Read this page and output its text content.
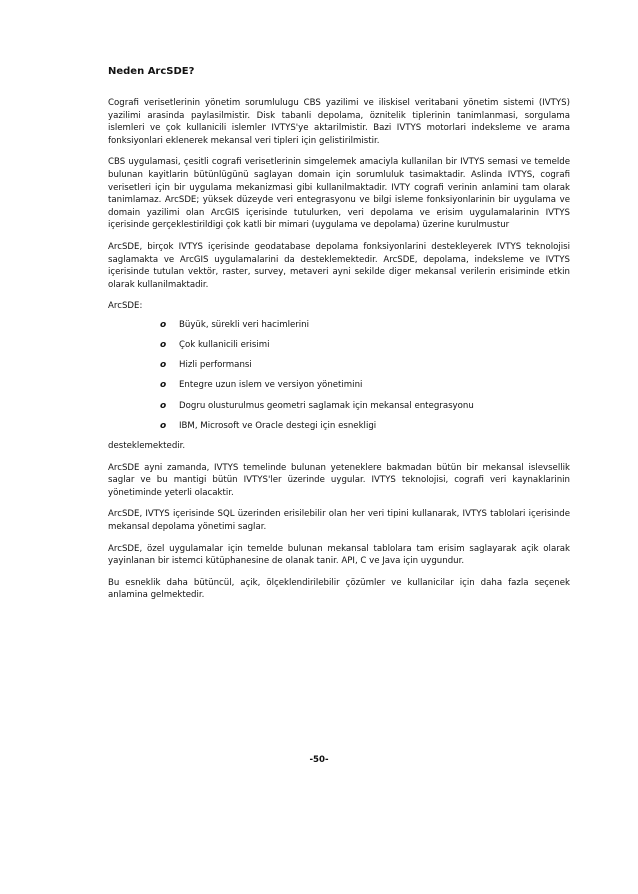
Neden ArcSDE?

Cografi verisetlerinin yönetim sorumlulugu CBS yazilimi ve iliskisel veritabani yönetim sistemi (IVTYS) yazilimi arasinda paylasilmistir. Disk tabanli depolama, öznitelik tiplerinin tanimlanmasi, sorgulama islemleri ve çok kullanicili islemler IVTYS'ye aktarilmistir. Bazi IVTYS motorlari indeksleme ve arama fonksiyonlari eklenerek mekansal veri tipleri için gelistirilmistir.

CBS uygulamasi, çesitli cografi verisetlerinin simgelemek amaciyla kullanilan bir IVTYS semasi ve temelde bulunan kayitlarin bütünlügünü saglayan domain için sorumluluk tasimaktadir. Aslinda IVTYS, cografi verisetleri için bir uygulama mekanizmasi gibi kullanilmaktadir. IVTY cografi verinin anlamini tam olarak tanimlamaz. ArcSDE; yüksek düzeyde veri entegrasyonu ve bilgi isleme fonksiyonlarinin bir uygulama ve domain yazilimi olan ArcGIS içerisinde tutulurken, veri depolama ve erisim uygulamalarinin IVTYS içerisinde gerçeklestirildigi çok katli bir mimari (uygulama ve depolama) üzerine kurulmustur

ArcSDE, birçok IVTYS içerisinde geodatabase depolama fonksiyonlarini destekleyerek IVTYS teknolojisi saglamakta ve ArcGIS uygulamalarini da desteklemektedir. ArcSDE, depolama, indeksleme ve IVTYS içerisinde tutulan vektör, raster, survey, metaveri ayni sekilde diger mekansal verilerin erisiminde etkin olarak kullanilmaktadir.

ArcSDE:

o	Büyük, sürekli veri hacimlerini
o	Çok kullanicili erisimi
o	Hizli performansi
o	Entegre uzun islem ve versiyon yönetimini
o	Dogru olusturulmus geometri saglamak için mekansal entegrasyonu
o	IBM, Microsoft ve Oracle destegi için esnekligi

desteklemektedir.

ArcSDE ayni zamanda, IVTYS temelinde bulunan yeteneklere bakmadan bütün bir mekansal islevsellik saglar ve bu mantigi bütün IVTYS'ler üzerinde uygular. IVTYS teknolojisi, cografi veri kaynaklarinin yönetiminde yeterli olacaktir.

ArcSDE, IVTYS içerisinde SQL üzerinden erisilebilir olan her veri tipini kullanarak, IVTYS tablolari içerisinde mekansal depolama yönetimi saglar.

ArcSDE, özel uygulamalar için temelde bulunan mekansal tablolara tam erisim saglayarak açik olarak yayinlanan bir istemci kütüphanesine de olanak tanir. API, C ve Java için uygundur.

Bu esneklik daha bütüncül, açik, ölçeklendirilebilir çözümler ve kullanicilar için daha fazla seçenek anlamina gelmektedir.

-50-
